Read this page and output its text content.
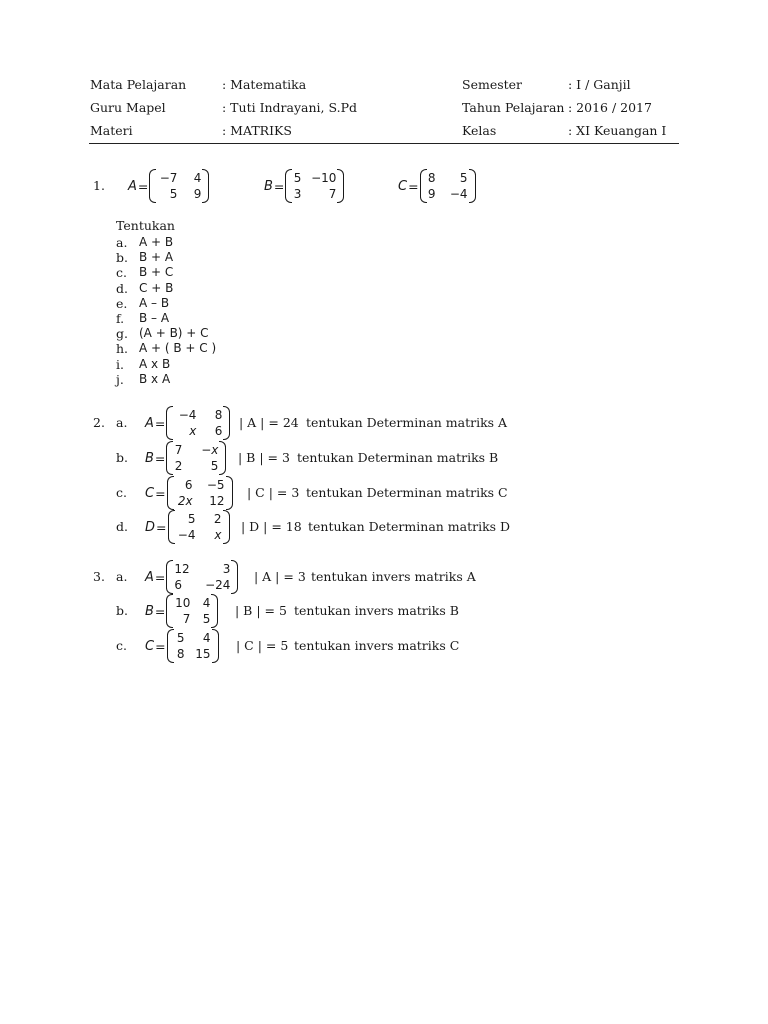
Mata Pelajaran	: Matematika	Semester	: I / Ganjil
Guru Mapel	: Tuti Indrayani, S.Pd	Tahun Pelajaran : 2016 / 2017
Materi	: MATRIKS	Kelas	: XI Keuangan I
1. A =
−7	4
5	9
B =
5 −10
3	7
C =
8	5
9	−4
Tentukan
a. A + B
b. B + A
c. B + C
d. C + B
e. A – B
f. B – A
g. (A + B) + C
h. A + ( B + C )
i. A x B
j. B x A
2. a. A =
−4	8
x	6
| A | = 24 tentukan Determinan matriks A
b. B =
7	−x
2	5
| B | = 3 tentukan Determinan matriks B
c. C =
6	−5
2x	12
| C | = 3 tentukan Determinan matriks C
d. D =
5	2
−4	x
| D | = 18 tentukan Determinan matriks D
3. a. A =
12	3
6 −24
| A | = 3 tentukan invers matriks A
b. B =
10	4
7	5
| B | = 5 tentukan invers matriks B
c. C =
5	4
8 15
| C | = 5 tentukan invers matriks C
